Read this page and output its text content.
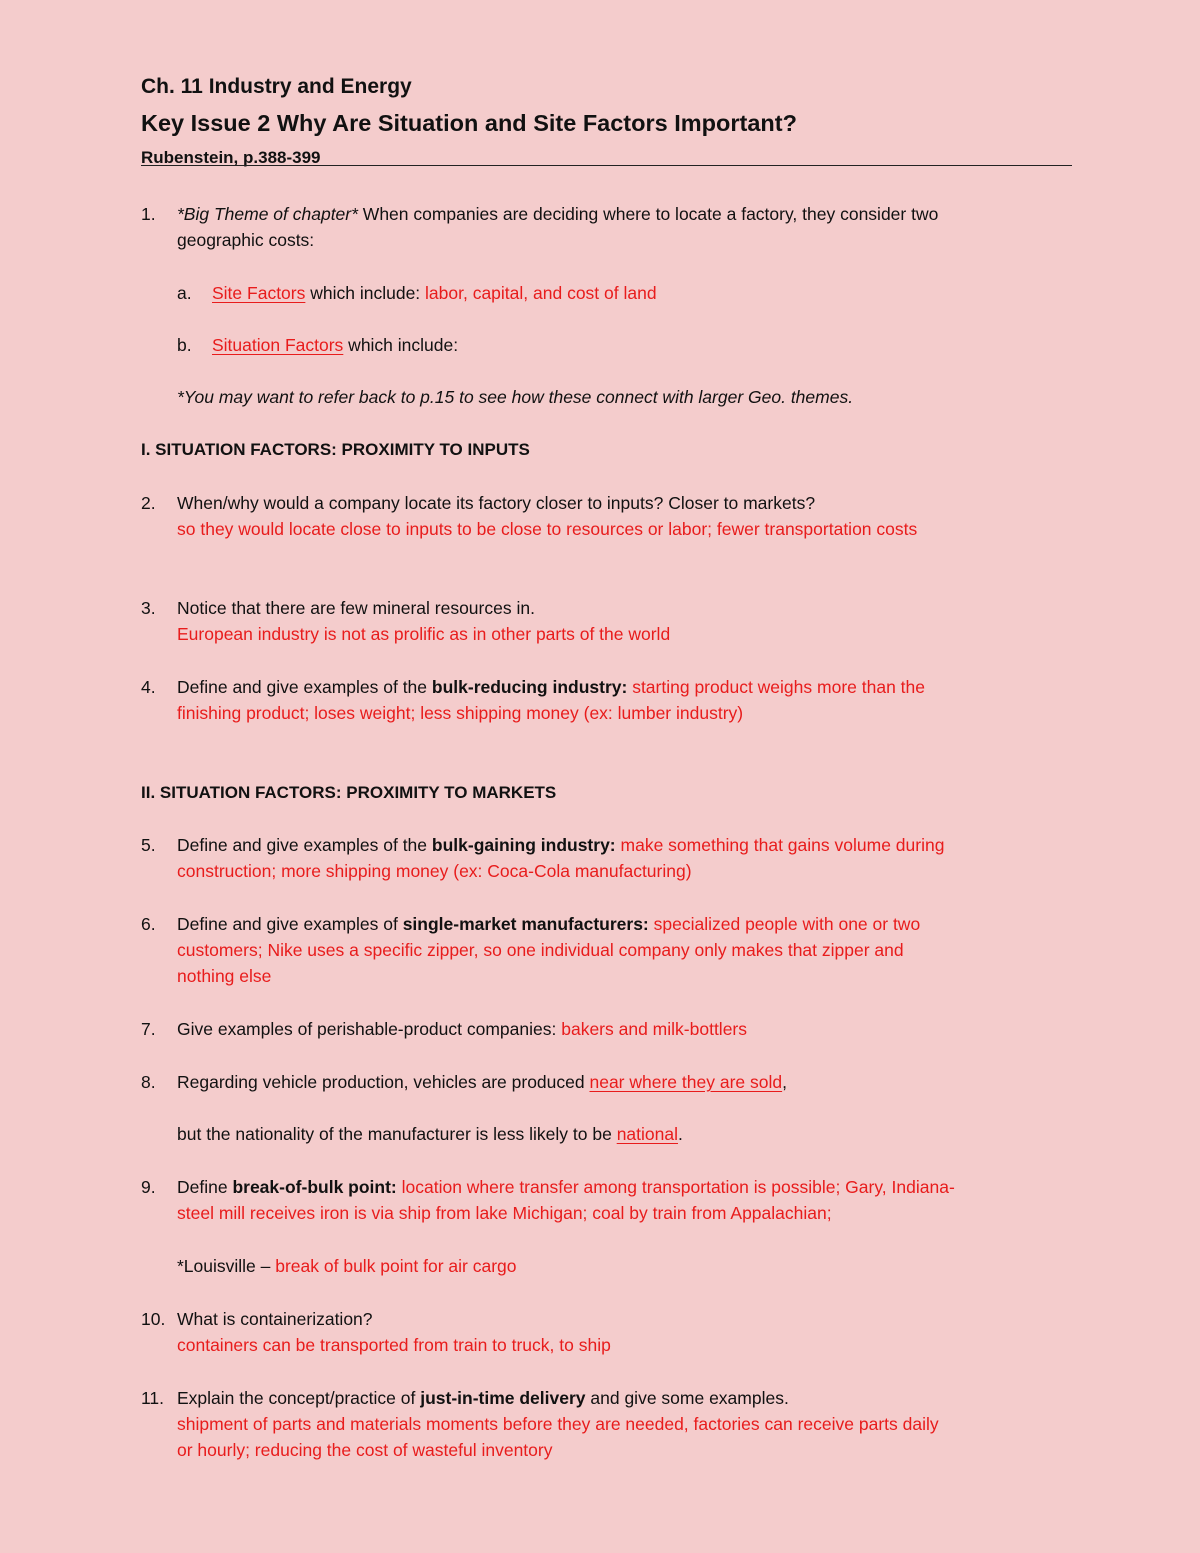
Ch. 11 Industry and Energy
Key Issue 2 Why Are Situation and Site Factors Important?
Rubenstein, p.388-399
1. *Big Theme of chapter* When companies are deciding where to locate a factory, they consider two
geographic costs:
a. Site Factors which include: labor, capital, and cost of land
b. Situation Factors which include:
*You may want to refer back to p.15 to see how these connect with larger Geo. themes.
I. SITUATION FACTORS: PROXIMITY TO INPUTS
2. When/why would a company locate its factory closer to inputs? Closer to markets?
so they would locate close to inputs to be close to resources or labor; fewer transportation costs
3. Notice that there are few mineral resources in.
European industry is not as prolific as in other parts of the world
4. Define and give examples of the bulk-reducing industry: starting product weighs more than the
finishing product; loses weight; less shipping money (ex: lumber industry)
II. SITUATION FACTORS: PROXIMITY TO MARKETS
5. Define and give examples of the bulk-gaining industry: make something that gains volume during
construction; more shipping money (ex: Coca-Cola manufacturing)
6. Define and give examples of single-market manufacturers: specialized people with one or two
customers; Nike uses a specific zipper, so one individual company only makes that zipper and
nothing else
7. Give examples of perishable-product companies: bakers and milk-bottlers
8. Regarding vehicle production, vehicles are produced near where they are sold,
but the nationality of the manufacturer is less likely to be national.
9. Define break-of-bulk point: location where transfer among transportation is possible; Gary, Indiana-
steel mill receives iron is via ship from lake Michigan; coal by train from Appalachian;
*Louisville – break of bulk point for air cargo
10. What is containerization?
containers can be transported from train to truck, to ship
11. Explain the concept/practice of just-in-time delivery and give some examples.
shipment of parts and materials moments before they are needed, factories can receive parts daily
or hourly; reducing the cost of wasteful inventory
